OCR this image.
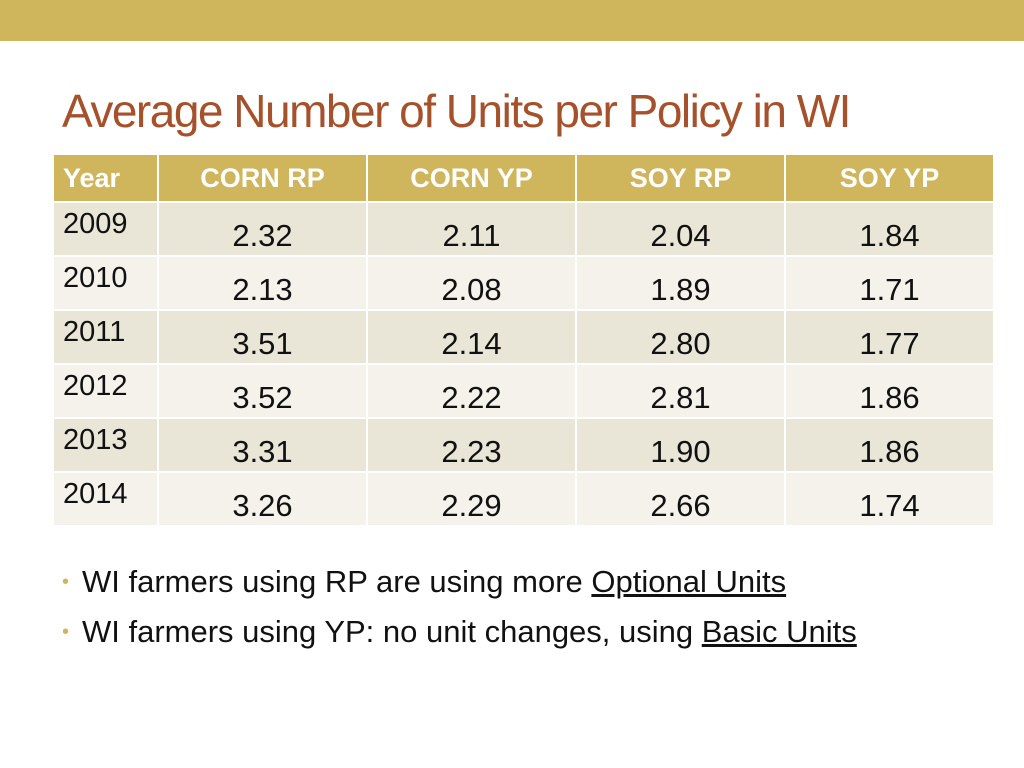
Average Number of Units per Policy in WI
Year	CORN RP	CORN YP	SOY RP	SOY YP
2009	2.32	2.11	2.04	1.84
2010	2.13	2.08	1.89	1.71
2011	3.51	2.14	2.80	1.77
2012	3.52	2.22	2.81	1.86
2013	3.31	2.23	1.90	1.86
2014	3.26	2.29	2.66	1.74
• WI farmers using RP are using more Optional Units
• WI farmers using YP: no unit changes, using Basic Units
